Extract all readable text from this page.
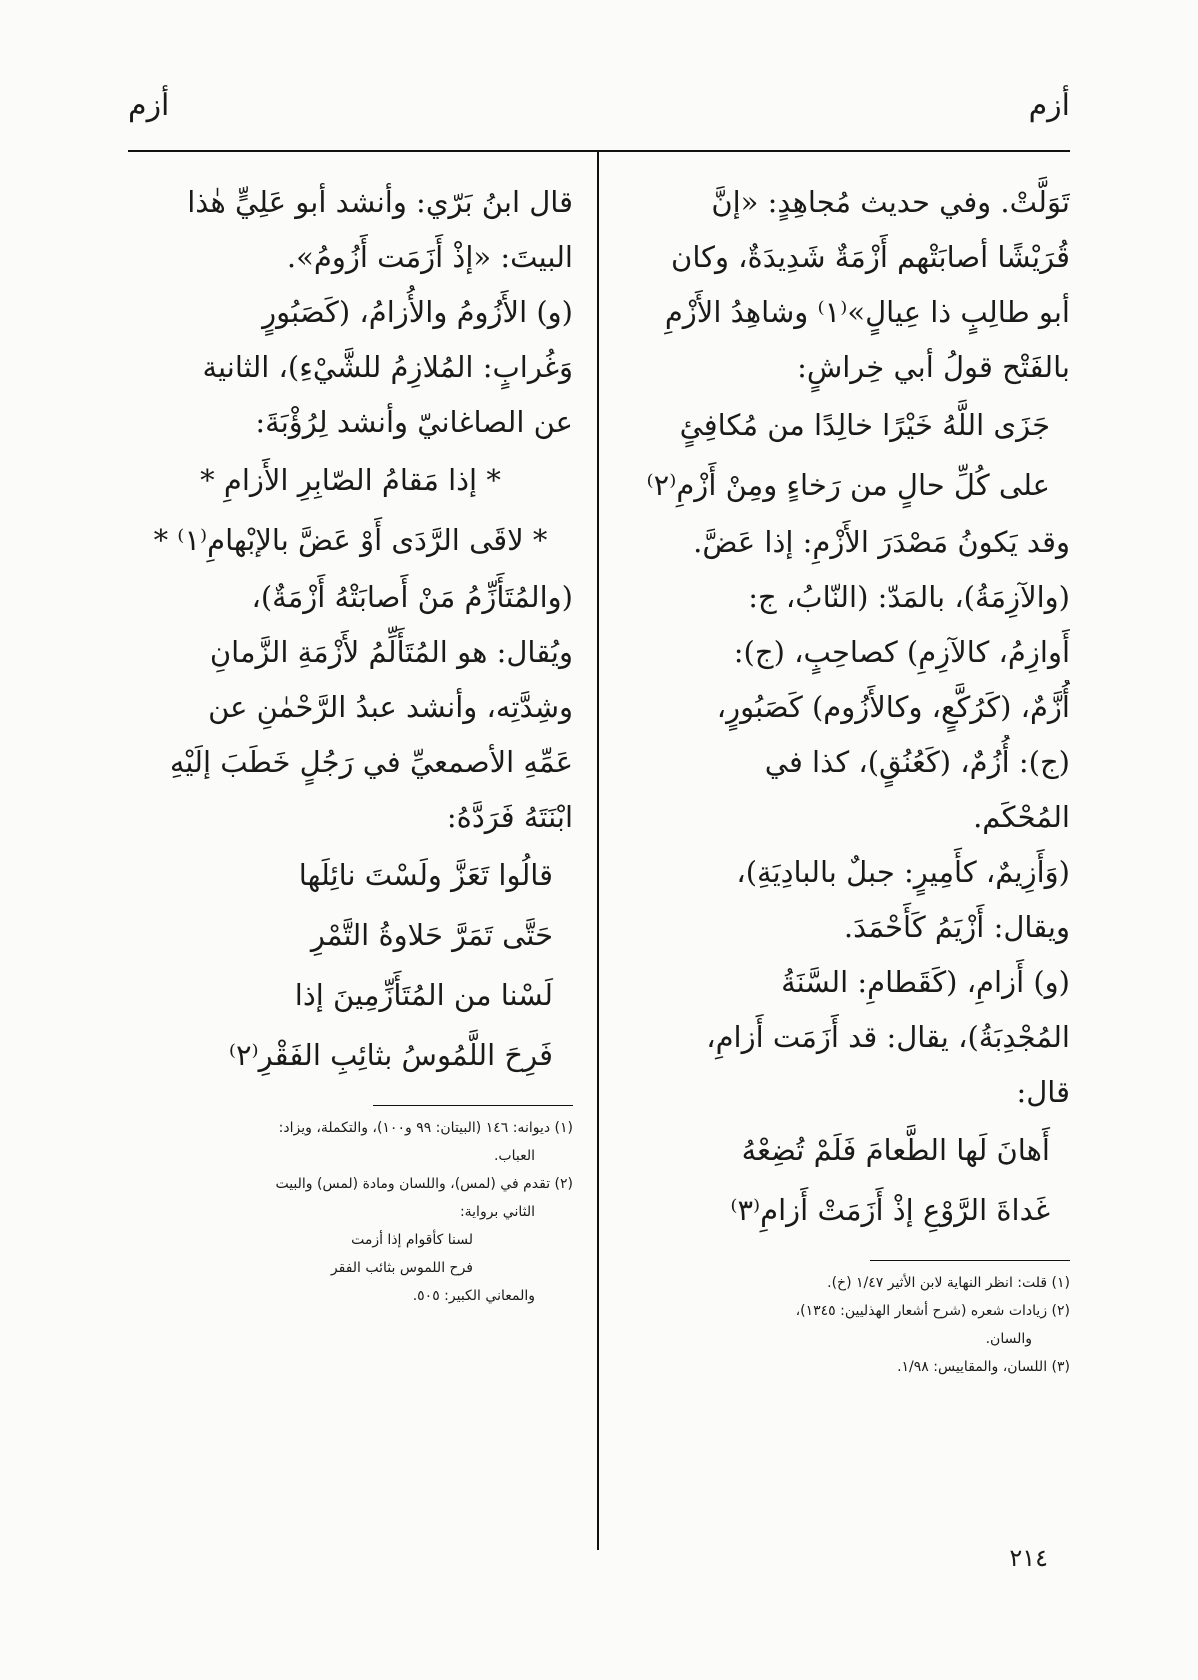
أزم
أزم
تَوَلَّتْ. وفي حديث مُجاهِدٍ: «إنَّ
قُرَيْشًا أصابَتْهم أَزْمَةٌ شَدِيدَةٌ، وكان
أبو طالِبٍ ذا عِيالٍ»⁽١⁾ وشاهِدُ الأَزْمِ
بالفَتْح قولُ أبي خِراشٍ:
جَزَى اللَّهُ خَيْرًا خالِدًا من مُكافِئٍ
على كُلِّ حالٍ من رَخاءٍ ومِنْ أَزْمِ⁽٢⁾
وقد يَكونُ مَصْدَرَ الأَزْمِ: إذا عَضَّ.
(والآزِمَةُ)، بالمَدّ: (النّابُ، ج:
أَوازِمُ، كالآزِمِ) كصاحِبٍ، (ج):
أُزَّمٌ، (كَرُكَّعٍ، وكالأَزُوم) كَصَبُورٍ،
(ج): أُزُمٌ، (كَعُنُقٍ)، كذا في
المُحْكَم.
(وَأَزِيمٌ، كأَمِيرٍ: جبلٌ بالبادِيَةِ)،
ويقال: أَزْيَمُ كَأَحْمَدَ.
(و) أَزامِ، (كَقَطامِ: السَّنَةُ
المُجْدِبَةُ)، يقال: قد أَزَمَت أَزامِ،
قال:
أَهانَ لَها الطَّعامَ فَلَمْ تُضِعْهُ
غَداةَ الرَّوْعِ إذْ أَزَمَتْ أَزامِ⁽٣⁾
(١) قلت: انظر النهاية لابن الأثير ١/٤٧ (خ).
(٢) زيادات شعره (شرح أشعار الهذليين: ١٣٤٥)،
والسان.
(٣) اللسان، والمقاييس: ١/٩٨.
قال ابنُ بَرّي: وأنشد أبو عَلِيٍّ هٰذا
البيتَ: «إذْ أَزَمَت أَزُومُ».
(و) الأَزُومُ والأُزامُ، (كَصَبُورٍ
وَغُرابٍ: المُلازِمُ للشَّيْءِ)، الثانية
عن الصاغانيّ وأنشد لِرُؤْبَةَ:
* إذا مَقامُ الصّابِرِ الأَزامِ *
* لاقَى الرَّدَى أَوْ عَضَّ بالإبْهامِ⁽١⁾ *
(والمُتَأَزِّمُ مَنْ أَصابَتْهُ أَزْمَةٌ)،
ويُقال: هو المُتَأَلِّمُ لأَزْمَةِ الزَّمانِ
وشِدَّتِه، وأنشد عبدُ الرَّحْمٰنِ عن
عَمِّهِ الأصمعيِّ في رَجُلٍ خَطَبَ إلَيْهِ
ابْنَتَهُ فَرَدَّهُ:
قالُوا تَعَزَّ ولَسْتَ نائِلَها
حَتَّى تَمَرَّ حَلاوةُ التَّمْرِ
لَسْنا من المُتَأَزِّمِينَ إذا
فَرِحَ اللَّمُوسُ بثائِبِ الفَقْرِ⁽٢⁾
(١) ديوانه: ١٤٦ (البيتان: ٩٩ و١٠٠)، والتكملة، ويزاد:
العباب.
(٢) تقدم في (لمس)، واللسان ومادة (لمس) والبيت
الثاني برواية:
لسنا كأقوام إذا أزمت
فرح اللموس بثائب الفقر
والمعاني الكبير: ٥٠٥.
٢١٤
